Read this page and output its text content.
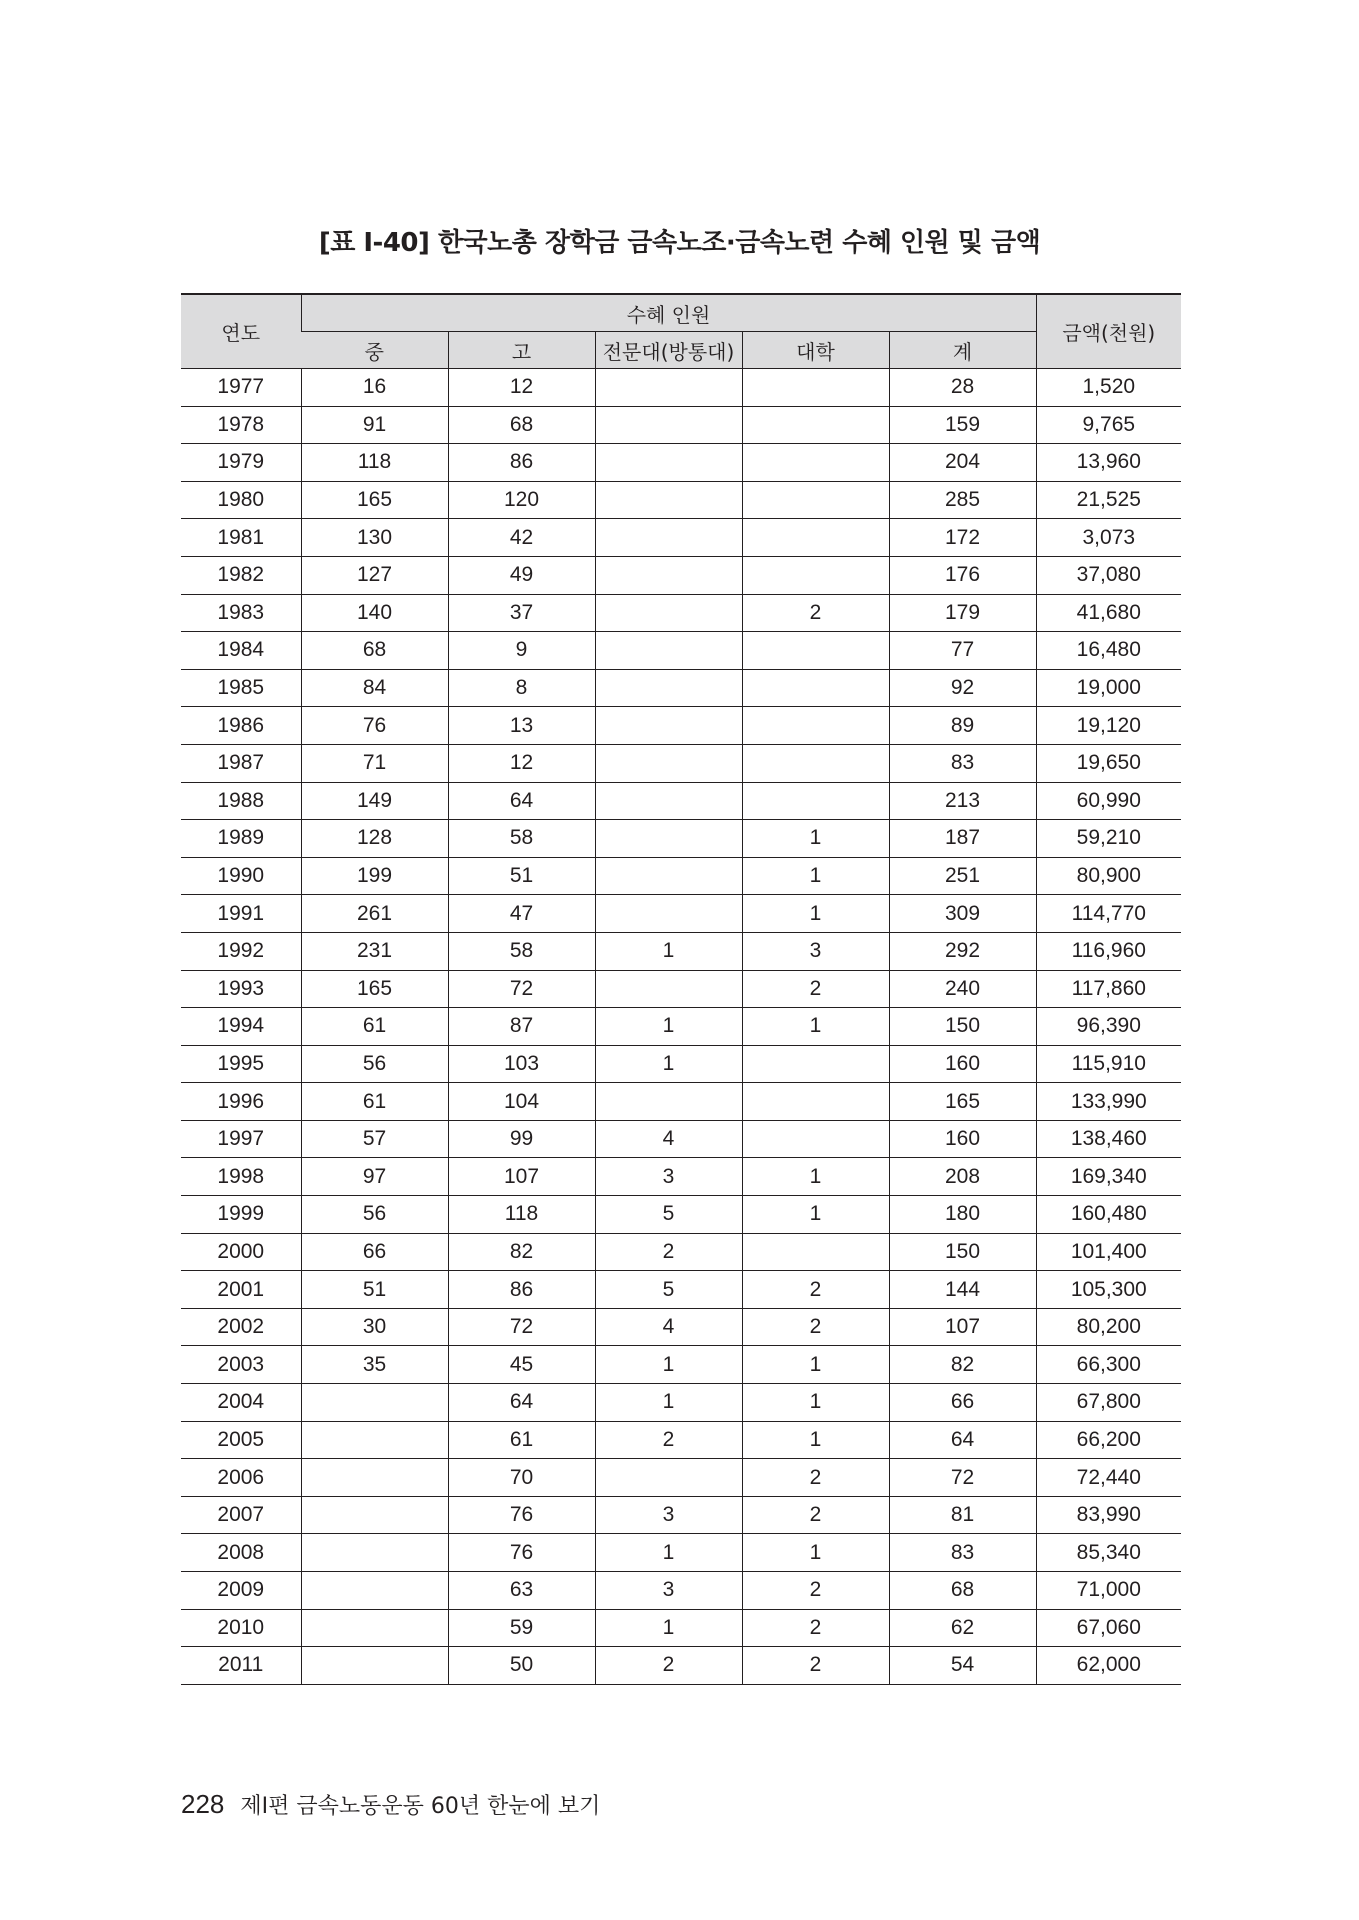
[표 Ⅰ-40] 한국노총 장학금 금속노조·금속노련 수혜 인원 및 금액
연도	수혜 인원					금액(천원)
	중	고	전문대(방통대)	대학	계	
1977	16	12			28	1,520
1978	91	68			159	9,765
1979	118	86			204	13,960
1980	165	120			285	21,525
1981	130	42			172	3,073
1982	127	49			176	37,080
1983	140	37		2	179	41,680
1984	68	9			77	16,480
1985	84	8			92	19,000
1986	76	13			89	19,120
1987	71	12			83	19,650
1988	149	64			213	60,990
1989	128	58		1	187	59,210
1990	199	51		1	251	80,900
1991	261	47		1	309	114,770
1992	231	58	1	3	292	116,960
1993	165	72		2	240	117,860
1994	61	87	1	1	150	96,390
1995	56	103	1		160	115,910
1996	61	104			165	133,990
1997	57	99	4		160	138,460
1998	97	107	3	1	208	169,340
1999	56	118	5	1	180	160,480
2000	66	82	2		150	101,400
2001	51	86	5	2	144	105,300
2002	30	72	4	2	107	80,200
2003	35	45	1	1	82	66,300
2004		64	1	1	66	67,800
2005		61	2	1	64	66,200
2006		70		2	72	72,440
2007		76	3	2	81	83,990
2008		76	1	1	83	85,340
2009		63	3	2	68	71,000
2010		59	1	2	62	67,060
2011		50	2	2	54	62,000
228 제Ⅰ편 금속노동운동 60년 한눈에 보기
